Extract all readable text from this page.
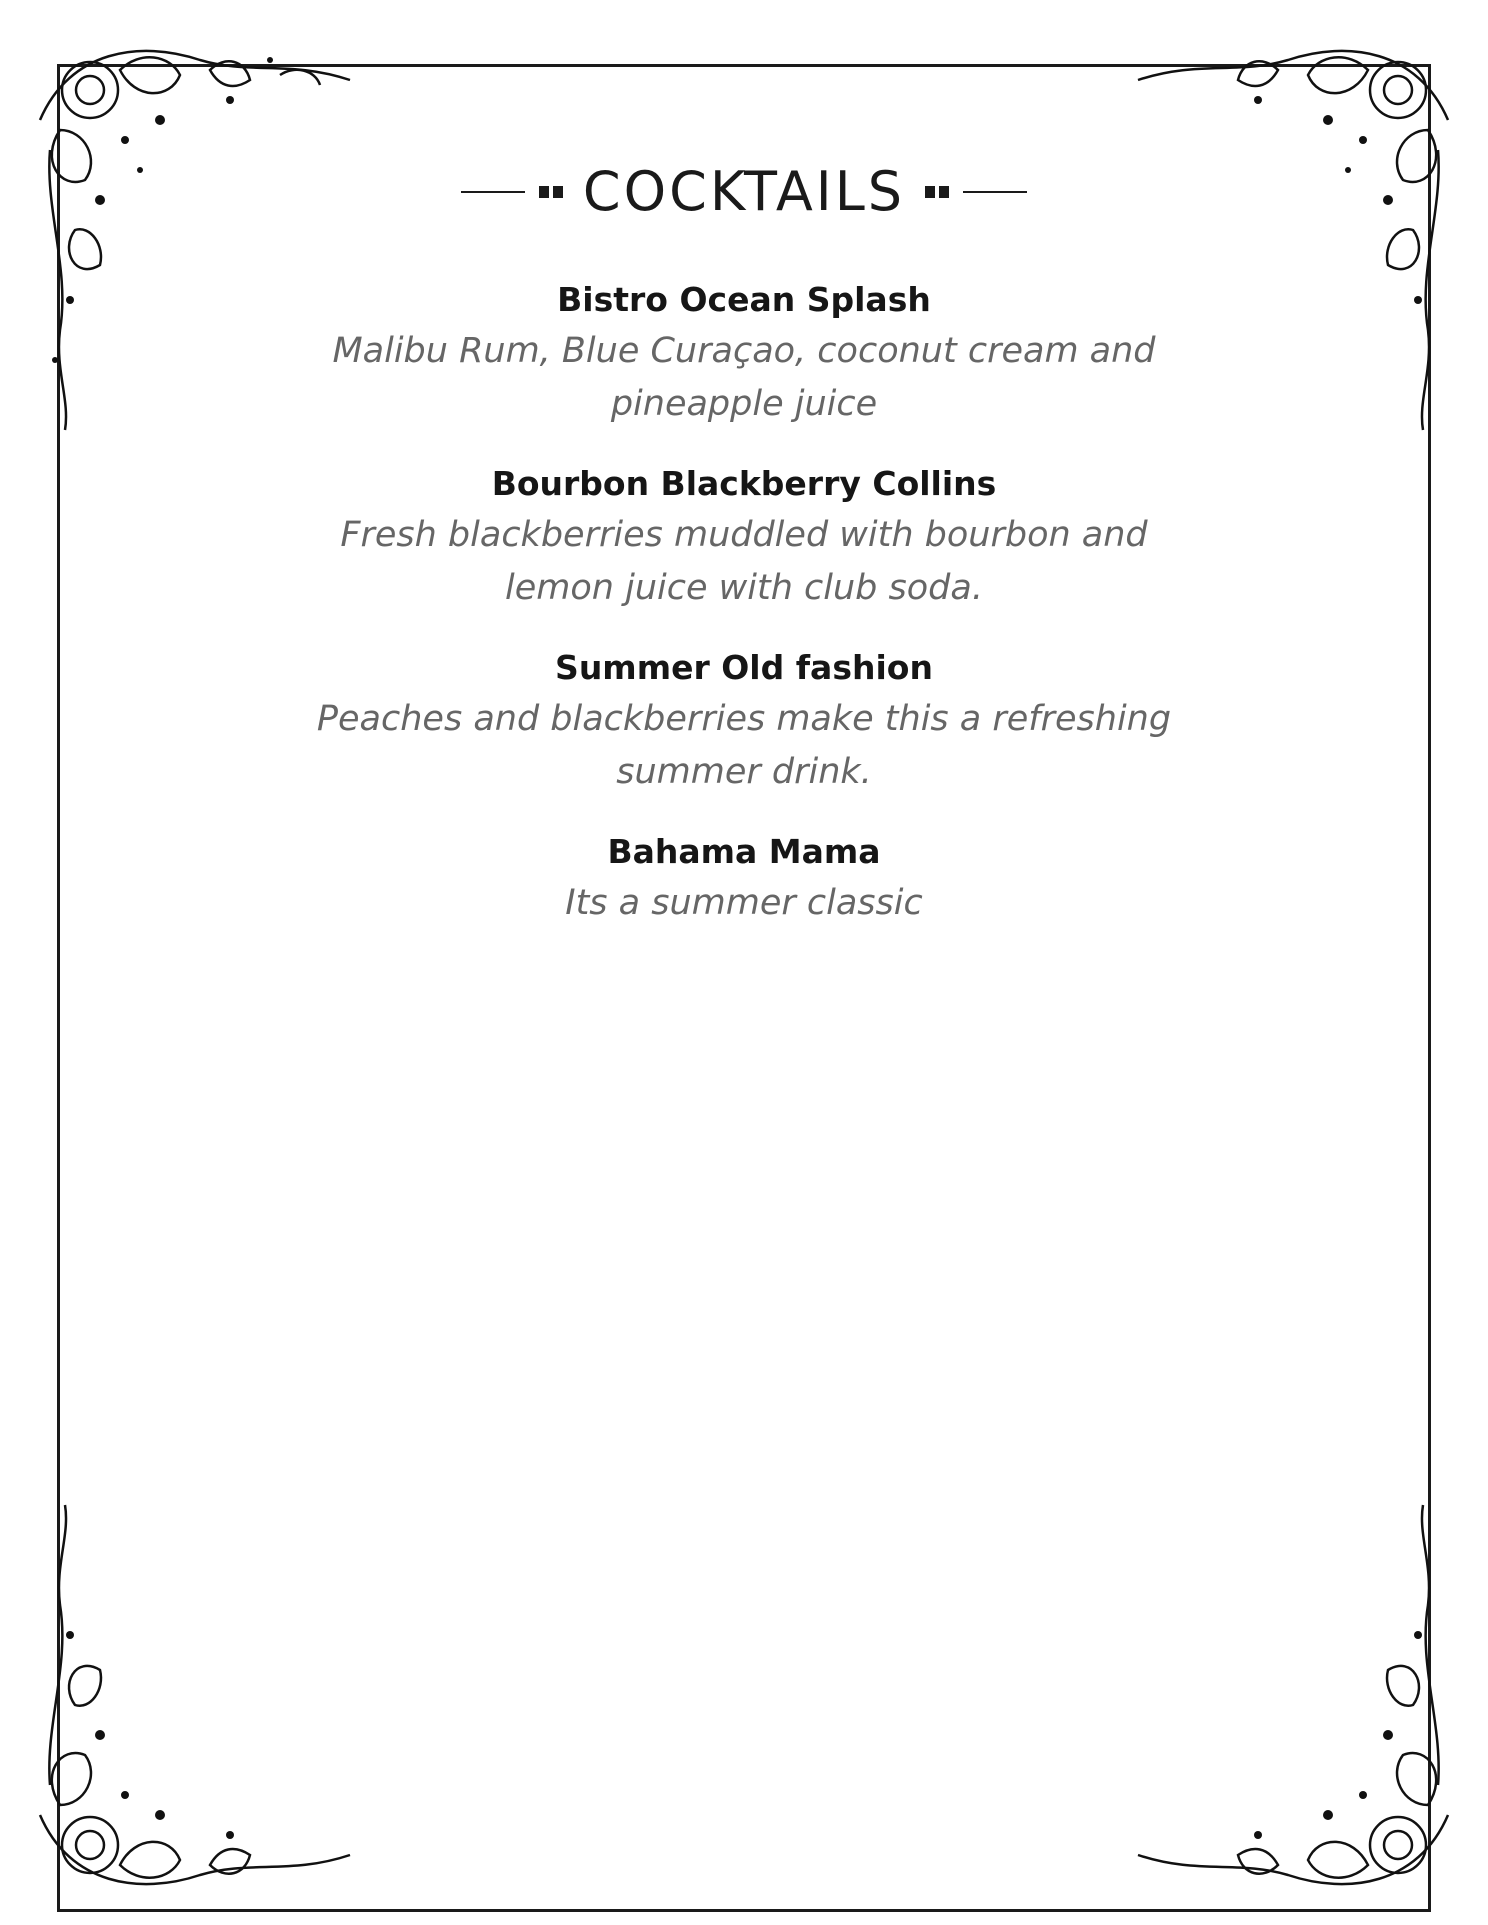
COCKTAILS
Bistro Ocean Splash
Malibu Rum, Blue Curaçao, coconut cream and pineapple juice
Bourbon Blackberry Collins
Fresh blackberries muddled with bourbon and lemon juice with club soda.
Summer Old fashion
Peaches and blackberries make this a refreshing summer drink.
Bahama Mama
Its a summer classic
